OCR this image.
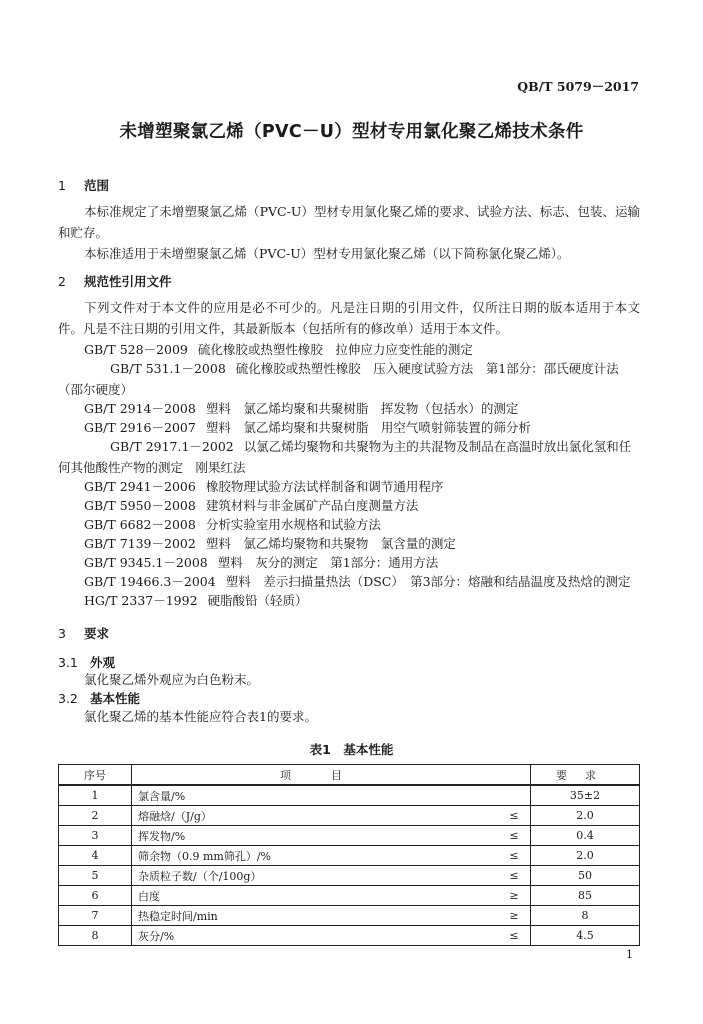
QB/T 5079－2017
未增塑聚氯乙烯（PVC－U）型材专用氯化聚乙烯技术条件
1 范围
本标准规定了未增塑聚氯乙烯（PVC-U）型材专用氯化聚乙烯的要求、试验方法、标志、包装、运输和贮存。
本标准适用于未增塑聚氯乙烯（PVC-U）型材专用氯化聚乙烯（以下简称氯化聚乙烯）。
2 规范性引用文件
下列文件对于本文件的应用是必不可少的。凡是注日期的引用文件，仅所注日期的版本适用于本文件。凡是不注日期的引用文件，其最新版本（包括所有的修改单）适用于本文件。
GB/T 528－2009 硫化橡胶或热塑性橡胶　拉伸应力应变性能的测定
GB/T 531.1－2008 硫化橡胶或热塑性橡胶　压入硬度试验方法　第1部分：邵氏硬度计法（邵尔硬度）
GB/T 2914－2008 塑料　氯乙烯均聚和共聚树脂　挥发物（包括水）的测定
GB/T 2916－2007 塑料　氯乙烯均聚和共聚树脂　用空气喷射筛装置的筛分析
GB/T 2917.1－2002 以氯乙烯均聚物和共聚物为主的共混物及制品在高温时放出氯化氢和任何其他酸性产物的测定　刚果红法
GB/T 2941－2006 橡胶物理试验方法试样制备和调节通用程序
GB/T 5950－2008 建筑材料与非金属矿产品白度测量方法
GB/T 6682－2008 分析实验室用水规格和试验方法
GB/T 7139－2002 塑料　氯乙烯均聚物和共聚物　氯含量的测定
GB/T 9345.1－2008 塑料　灰分的测定　第1部分：通用方法
GB/T 19466.3－2004 塑料　差示扫描量热法（DSC）　第3部分：熔融和结晶温度及热焓的测定
HG/T 2337－1992 硬脂酸铅（轻质）
3 要求
3.1 外观
氯化聚乙烯外观应为白色粉末。
3.2 基本性能
氯化聚乙烯的基本性能应符合表1的要求。
表1　基本性能
序号	项目		要求
1	氯含量/%		35±2
2	熔融焓/（J/g）	≤	2.0
3	挥发物/%	≤	0.4
4	筛余物（0.9 mm筛孔）/%	≤	2.0
5	杂质粒子数/（个/100g）	≤	50
6	白度	≥	85
7	热稳定时间/min	≥	8
8	灰分/%	≤	4.5
1
